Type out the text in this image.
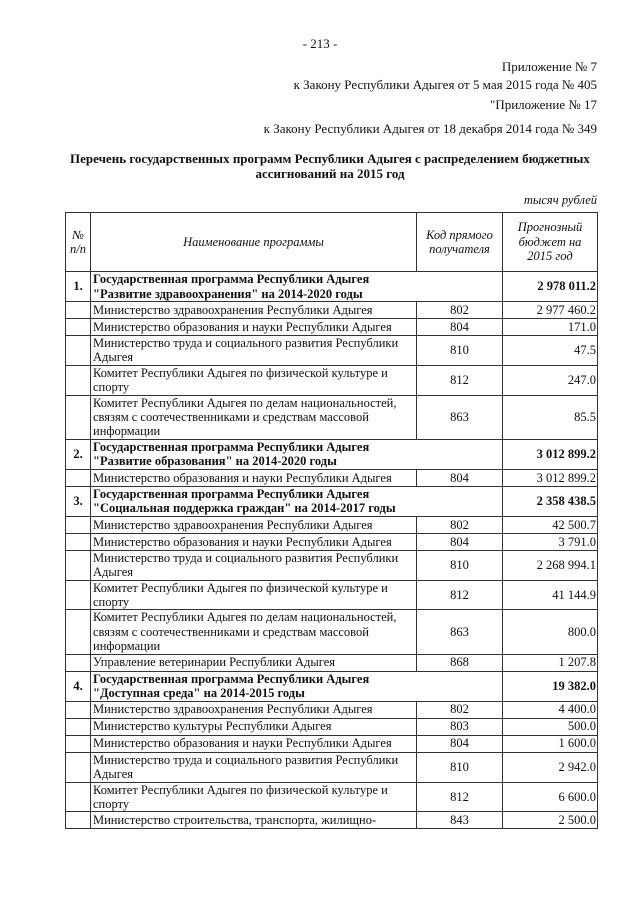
- 213 -
Приложение № 7
к Закону Республики Адыгея от 5 мая 2015 года № 405
"Приложение № 17
к Закону Республики Адыгея от 18 декабря 2014 года № 349
Перечень государственных программ Республики Адыгея с распределением бюджетных ассигнований на 2015 год
тысяч рублей
№ п/п	Наименование программы	Код прямого получателя	Прогнозный бюджет на 2015 год
1.	Государственная программа Республики Адыгея "Развитие здравоохранения" на 2014-2020 годы		2 978 011.2
	Министерство здравоохранения Республики Адыгея	802	2 977 460.2
	Министерство образования и науки Республики Адыгея	804	171.0
	Министерство труда и социального развития Республики Адыгея	810	47.5
	Комитет Республики Адыгея по физической культуре и спорту	812	247.0
	Комитет Республики Адыгея по делам национальностей, связям с соотечественниками и средствам массовой информации	863	85.5
2.	Государственная программа Республики Адыгея "Развитие образования" на 2014-2020 годы		3 012 899.2
	Министерство образования и науки Республики Адыгея	804	3 012 899.2
3.	Государственная программа Республики Адыгея "Социальная поддержка граждан" на 2014-2017 годы		2 358 438.5
	Министерство здравоохранения Республики Адыгея	802	42 500.7
	Министерство образования и науки Республики Адыгея	804	3 791.0
	Министерство труда и социального развития Республики Адыгея	810	2 268 994.1
	Комитет Республики Адыгея по физической культуре и спорту	812	41 144.9
	Комитет Республики Адыгея по делам национальностей, связям с соотечественниками и средствам массовой информации	863	800.0
	Управление ветеринарии Республики Адыгея	868	1 207.8
4.	Государственная программа Республики Адыгея "Доступная среда" на 2014-2015 годы		19 382.0
	Министерство здравоохранения Республики Адыгея	802	4 400.0
	Министерство культуры Республики Адыгея	803	500.0
	Министерство образования и науки Республики Адыгея	804	1 600.0
	Министерство труда и социального развития Республики Адыгея	810	2 942.0
	Комитет Республики Адыгея по физической культуре и спорту	812	6 600.0
	Министерство строительства, транспорта, жилищно-	843	2 500.0
